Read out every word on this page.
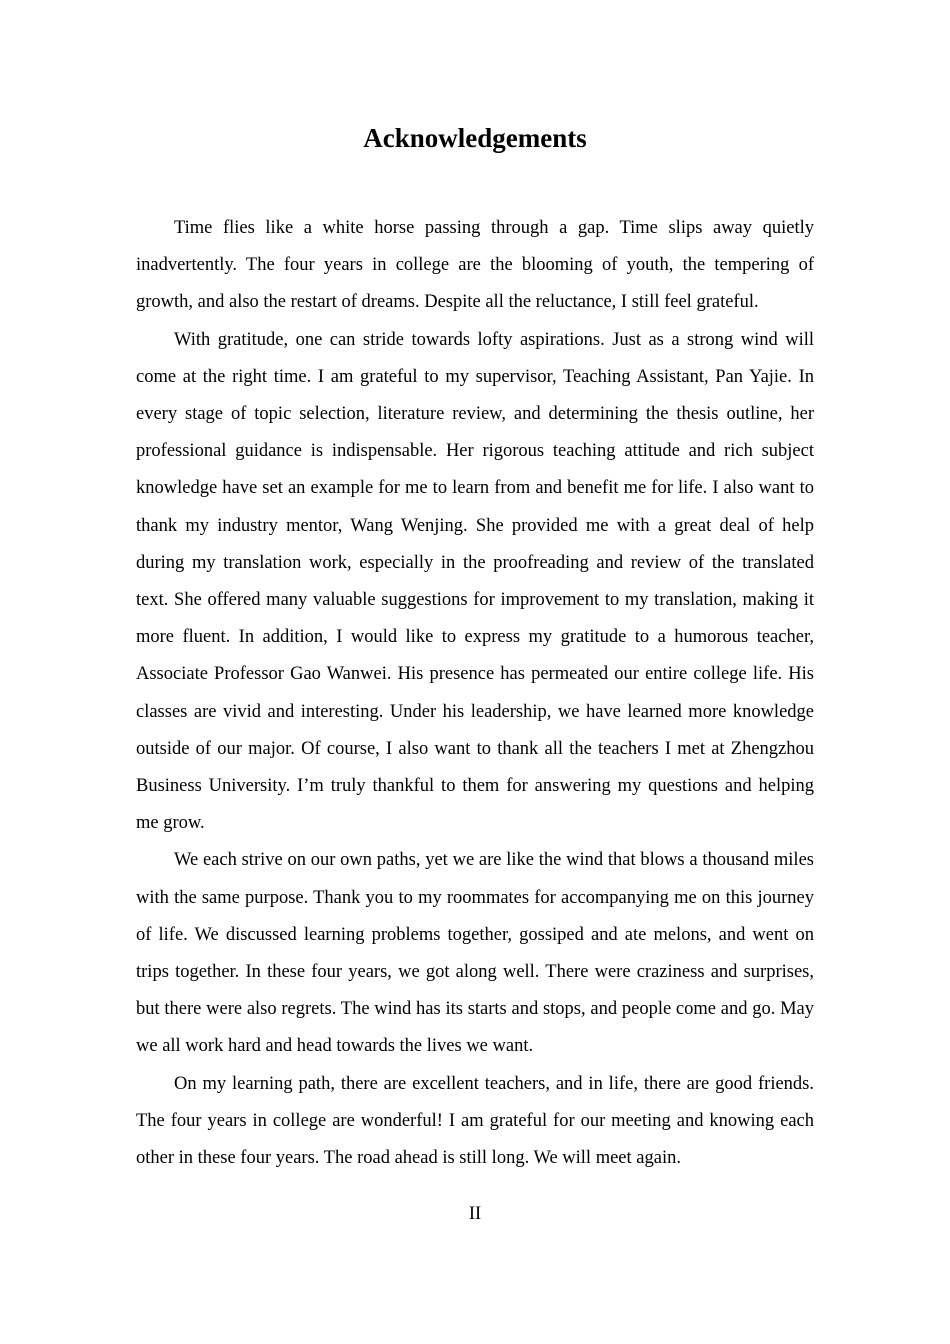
Acknowledgements

Time flies like a white horse passing through a gap. Time slips away quietly inadvertently. The four years in college are the blooming of youth, the tempering of growth, and also the restart of dreams. Despite all the reluctance, I still feel grateful.

With gratitude, one can stride towards lofty aspirations. Just as a strong wind will come at the right time. I am grateful to my supervisor, Teaching Assistant, Pan Yajie. In every stage of topic selection, literature review, and determining the thesis outline, her professional guidance is indispensable. Her rigorous teaching attitude and rich subject knowledge have set an example for me to learn from and benefit me for life. I also want to thank my industry mentor, Wang Wenjing. She provided me with a great deal of help during my translation work, especially in the proofreading and review of the translated text. She offered many valuable suggestions for improvement to my translation, making it more fluent. In addition, I would like to express my gratitude to a humorous teacher, Associate Professor Gao Wanwei. His presence has permeated our entire college life. His classes are vivid and interesting. Under his leadership, we have learned more knowledge outside of our major. Of course, I also want to thank all the teachers I met at Zhengzhou Business University. I’m truly thankful to them for answering my questions and helping me grow.

We each strive on our own paths, yet we are like the wind that blows a thousand miles with the same purpose. Thank you to my roommates for accompanying me on this journey of life. We discussed learning problems together, gossiped and ate melons, and went on trips together. In these four years, we got along well. There were craziness and surprises, but there were also regrets. The wind has its starts and stops, and people come and go. May we all work hard and head towards the lives we want.

On my learning path, there are excellent teachers, and in life, there are good friends. The four years in college are wonderful! I am grateful for our meeting and knowing each other in these four years. The road ahead is still long. We will meet again.

II
